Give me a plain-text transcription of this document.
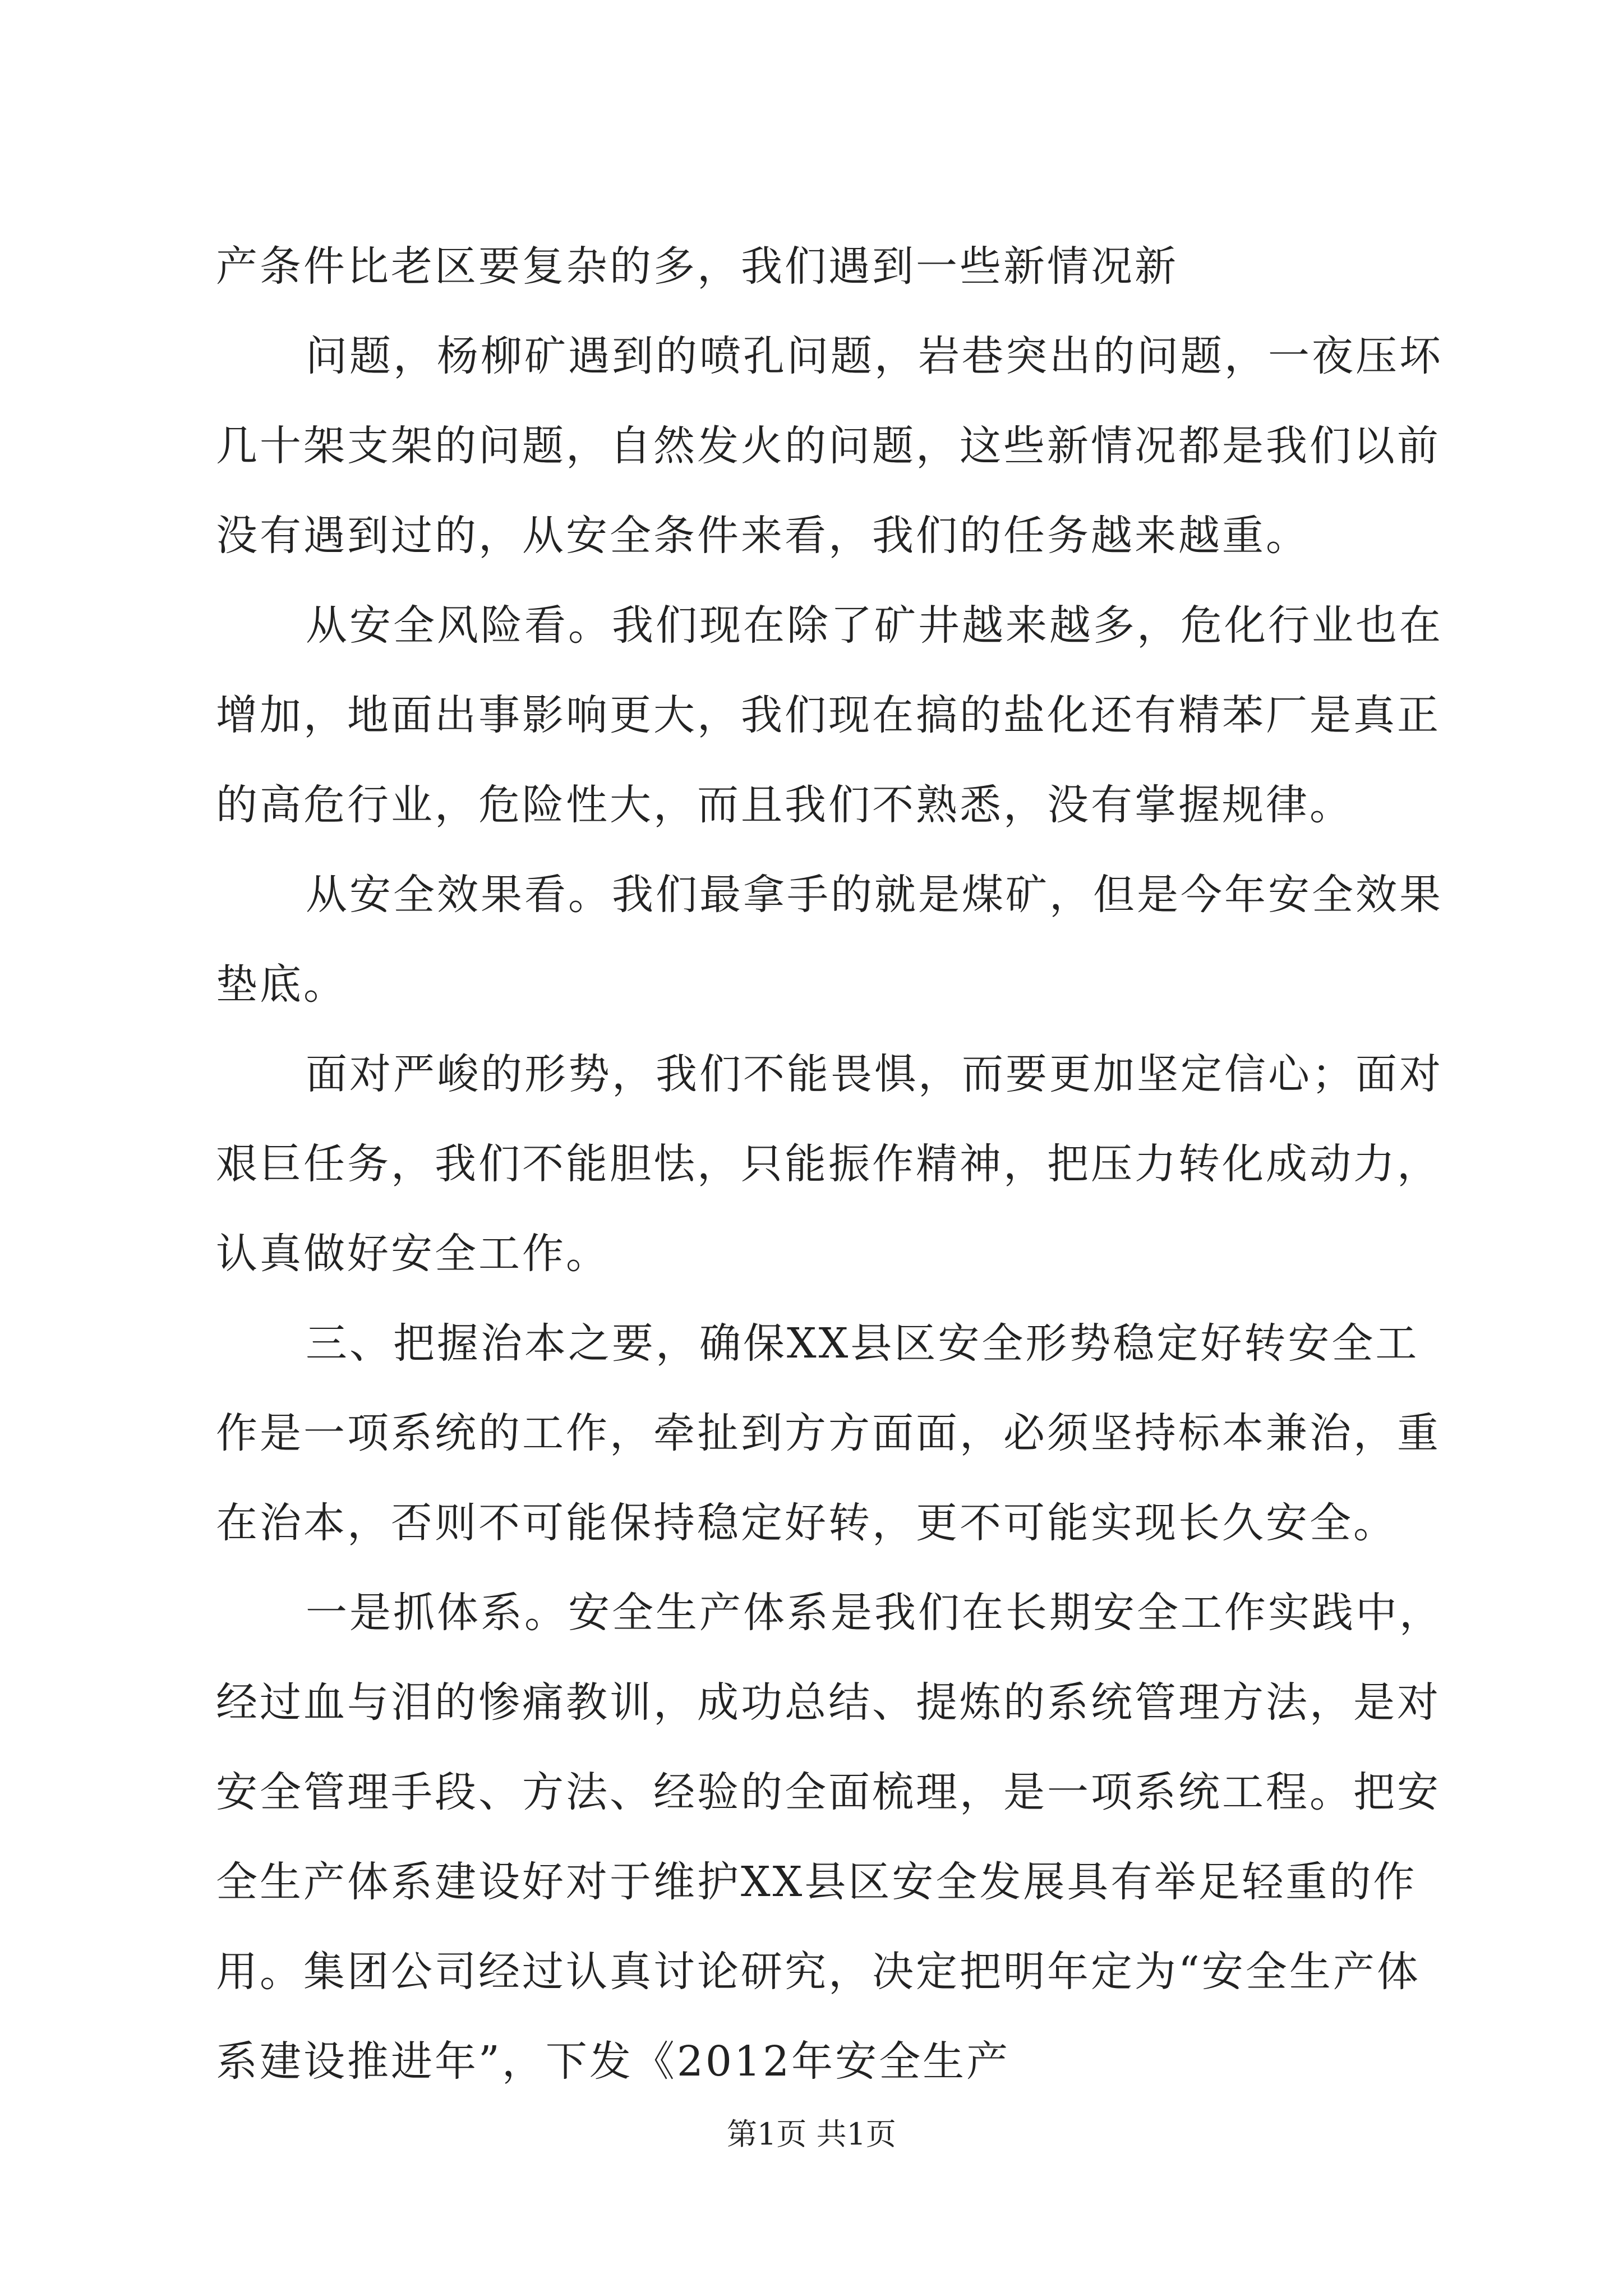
产条件比老区要复杂的多，我们遇到一些新情况新
问题，杨柳矿遇到的喷孔问题，岩巷突出的问题，一夜压坏
几十架支架的问题，自然发火的问题，这些新情况都是我们以前
没有遇到过的，从安全条件来看，我们的任务越来越重。
从安全风险看。我们现在除了矿井越来越多，危化行业也在
增加，地面出事影响更大，我们现在搞的盐化还有精苯厂是真正
的高危行业，危险性大，而且我们不熟悉，没有掌握规律。
从安全效果看。我们最拿手的就是煤矿，但是今年安全效果
垫底。
面对严峻的形势，我们不能畏惧，而要更加坚定信心；面对
艰巨任务，我们不能胆怯，只能振作精神，把压力转化成动力，
认真做好安全工作。
三、把握治本之要，确保XX县区安全形势稳定好转安全工
作是一项系统的工作，牵扯到方方面面，必须坚持标本兼治，重
在治本，否则不可能保持稳定好转，更不可能实现长久安全。
一是抓体系。安全生产体系是我们在长期安全工作实践中，
经过血与泪的惨痛教训，成功总结、提炼的系统管理方法，是对
安全管理手段、方法、经验的全面梳理，是一项系统工程。把安
全生产体系建设好对于维护XX县区安全发展具有举足轻重的作
用。集团公司经过认真讨论研究，决定把明年定为“安全生产体
系建设推进年”，下发《2012年安全生产
第1页 共1页
